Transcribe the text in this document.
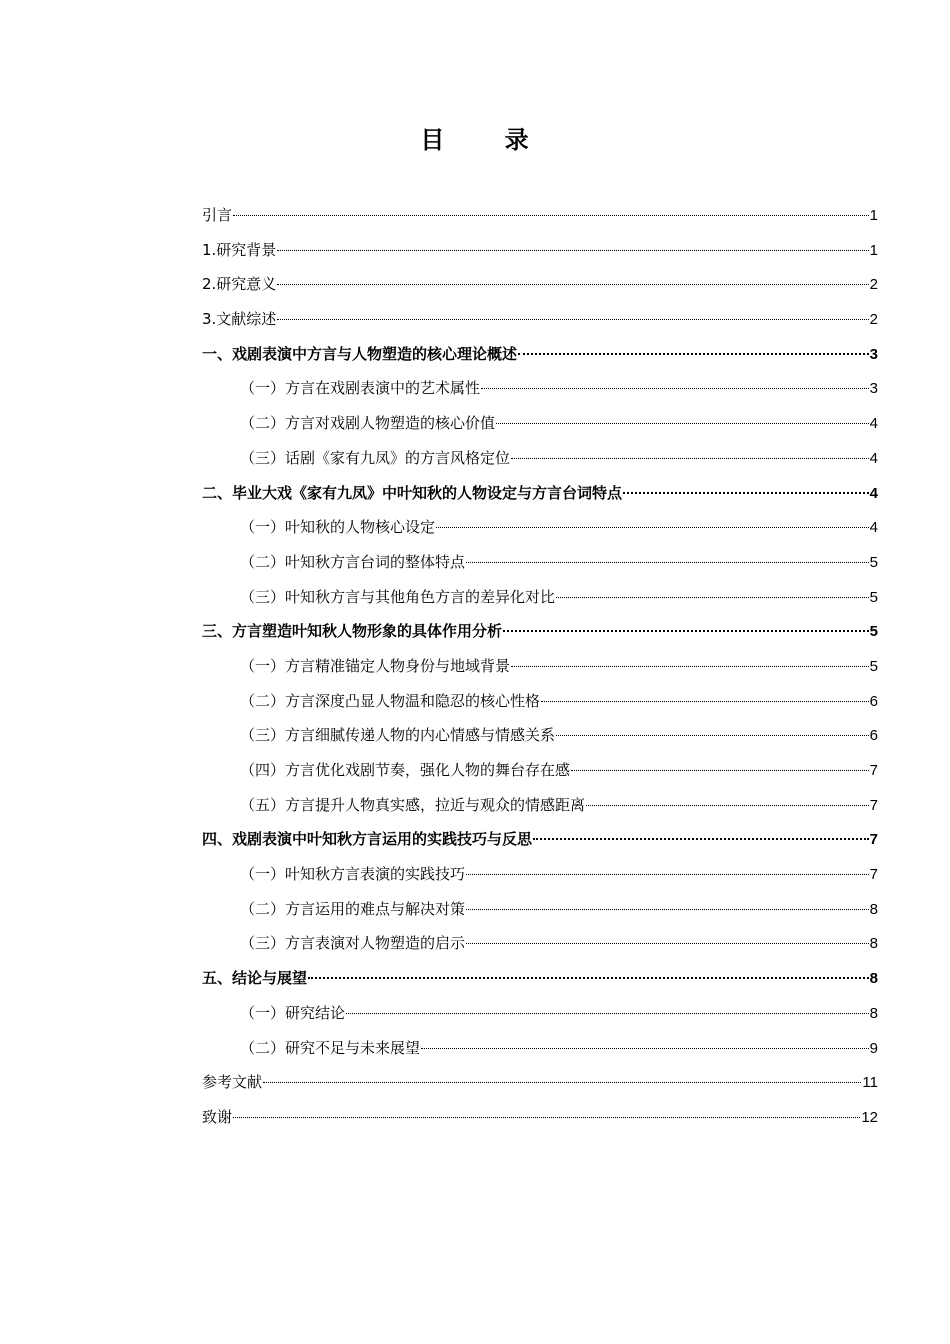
目 录
引言	1
1.研究背景	1
2.研究意义	2
3.文献综述	2
一、戏剧表演中方言与人物塑造的核心理论概述	3
（一）方言在戏剧表演中的艺术属性	3
（二）方言对戏剧人物塑造的核心价值	4
（三）话剧《家有九凤》的方言风格定位	4
二、毕业大戏《家有九凤》中叶知秋的人物设定与方言台词特点	4
（一）叶知秋的人物核心设定	4
（二）叶知秋方言台词的整体特点	5
（三）叶知秋方言与其他角色方言的差异化对比	5
三、方言塑造叶知秋人物形象的具体作用分析	5
（一）方言精准锚定人物身份与地域背景	5
（二）方言深度凸显人物温和隐忍的核心性格	6
（三）方言细腻传递人物的内心情感与情感关系	6
（四）方言优化戏剧节奏，强化人物的舞台存在感	7
（五）方言提升人物真实感，拉近与观众的情感距离	7
四、戏剧表演中叶知秋方言运用的实践技巧与反思	7
（一）叶知秋方言表演的实践技巧	7
（二）方言运用的难点与解决对策	8
（三）方言表演对人物塑造的启示	8
五、结论与展望	8
（一）研究结论	8
（二）研究不足与未来展望	9
参考文献	11
致谢	12
